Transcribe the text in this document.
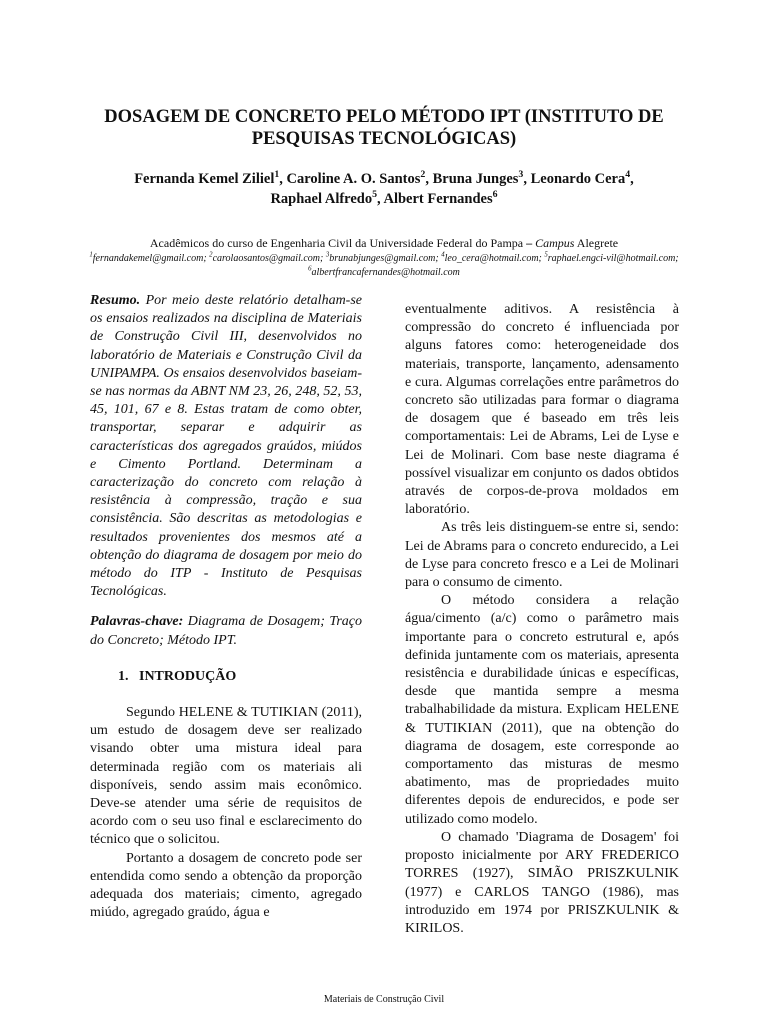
DOSAGEM DE CONCRETO PELO MÉTODO IPT (INSTITUTO DE
PESQUISAS TECNOLÓGICAS)
Fernanda Kemel Ziliel$^1$, Caroline A. O. Santos$^2$, Bruna Junges$^3$, Leonardo Cera$^4$,
Raphael Alfredo$^5$, Albert Fernandes$^6$
Acadêmicos do curso de Engenharia Civil da Universidade Federal do Pampa – Campus Alegrete
$^1$fernandakemel@gmail.com; $^2$carolaosantos@gmail.com; $^3$brunabjunges@gmail.com; $^4$leo_cera@hotmail.com; $^5$raphael.engci-vil@hotmail.com; $^6$albertfrancafernandes@hotmail.com

Resumo. Por meio deste relatório detalham-se os ensaios realizados na disciplina de Materiais de Construção Civil III, desenvolvidos no laboratório de Materiais e Construção Civil da UNIPAMPA. Os ensaios desenvolvidos baseiam-se nas normas da ABNT NM 23, 26, 248, 52, 53, 45, 101, 67 e 8. Estas tratam de como obter, transportar, separar e adquirir as características dos agregados graúdos, miúdos e Cimento Portland. Determinam a caracterização do concreto com relação à resistência à compressão, tração e sua consistência. São descritas as metodologias e resultados provenientes dos mesmos até a obtenção do diagrama de dosagem por meio do método do ITP - Instituto de Pesquisas Tecnológicas.

Palavras-chave: Diagrama de Dosagem; Traço do Concreto; Método IPT.

1. INTRODUÇÃO

Segundo HELENE & TUTIKIAN (2011), um estudo de dosagem deve ser realizado visando obter uma mistura ideal para determinada região com os materiais ali disponíveis, sendo assim mais econômico. Deve-se atender uma série de requisitos de acordo com o seu uso final e esclarecimento do técnico que o solicitou.

Portanto a dosagem de concreto pode ser entendida como sendo a obtenção da proporção adequada dos materiais; cimento, agregado miúdo, agregado graúdo, água e

eventualmente aditivos. A resistência à compressão do concreto é influenciada por alguns fatores como: heterogeneidade dos materiais, transporte, lançamento, adensamento e cura. Algumas correlações entre parâmetros do concreto são utilizadas para formar o diagrama de dosagem que é baseado em três leis comportamentais: Lei de Abrams, Lei de Lyse e Lei de Molinari. Com base neste diagrama é possível visualizar em conjunto os dados obtidos através de corpos-de-prova moldados em laboratório.

As três leis distinguem-se entre si, sendo: Lei de Abrams para o concreto endurecido, a Lei de Lyse para concreto fresco e a Lei de Molinari para o consumo de cimento.

O método considera a relação água/cimento (a/c) como o parâmetro mais importante para o concreto estrutural e, após definida juntamente com os materiais, apresenta resistência e durabilidade únicas e específicas, desde que mantida sempre a mesma trabalhabilidade da mistura. Explicam HELENE & TUTIKIAN (2011), que na obtenção do diagrama de dosagem, este corresponde ao comportamento das misturas de mesmo abatimento, mas de propriedades muito diferentes depois de endurecidos, e pode ser utilizado como modelo.

O chamado 'Diagrama de Dosagem' foi proposto inicialmente por ARY FREDERICO TORRES (1927), SIMÃO PRISZKULNIK (1977) e CARLOS TANGO (1986), mas introduzido em 1974 por PRISZKULNIK & KIRILOS.

Materiais de Construção Civil
